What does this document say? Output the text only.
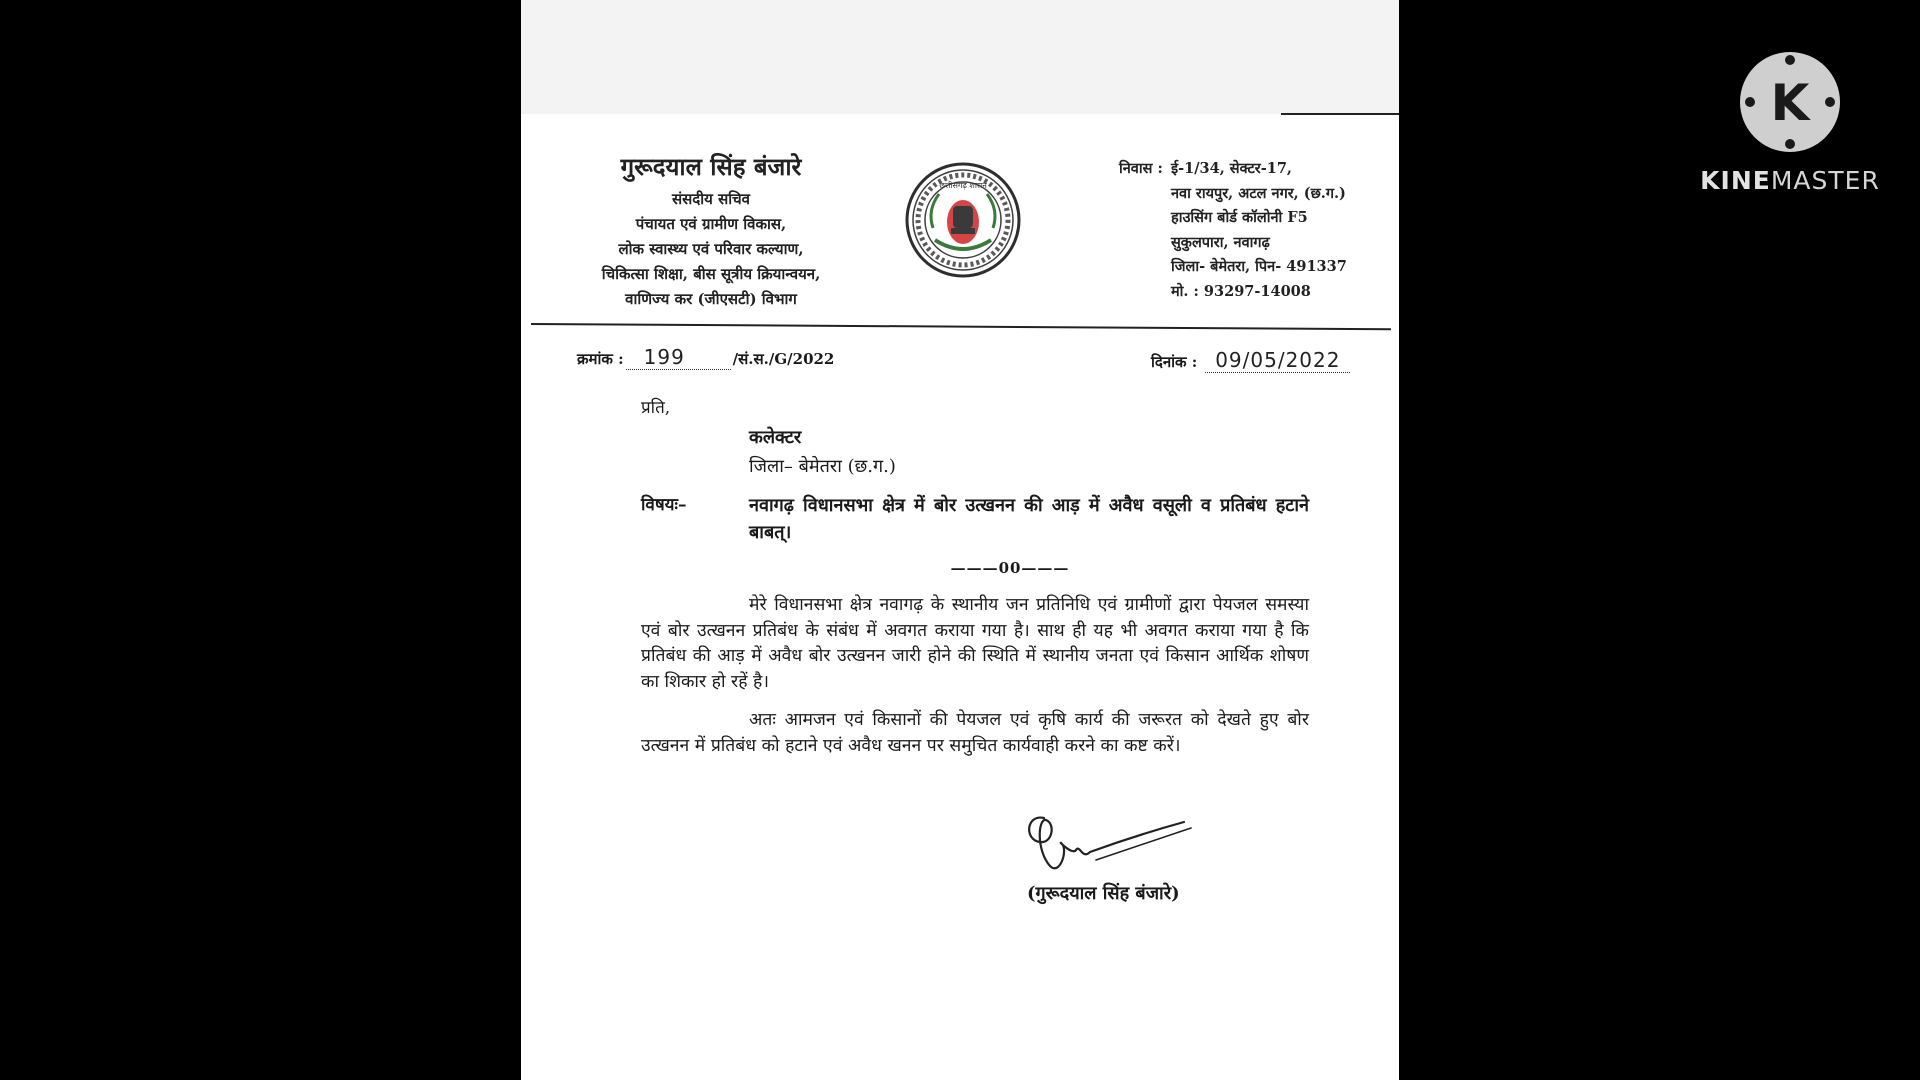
गुरूदयाल सिंह बंजारे
संसदीय सचिव
पंचायत एवं ग्रामीण विकास,
लोक स्वास्थ्य एवं परिवार कल्याण,
चिकित्सा शिक्षा, बीस सूत्रीय क्रियान्वयन,
वाणिज्य कर (जीएसटी) विभाग
छत्तीसगढ़ शासन
निवास : ई-1/34, सेक्टर-17,
नवा रायपुर, अटल नगर, (छ.ग.)
हाउसिंग बोर्ड कॉलोनी F5
सुकुलपारा, नवागढ़
जिला- बेमेतरा, पिन- 491337
मो. : 93297-14008
क्रमांक :	199	/सं.स./G/2022	दिनांक : 09/05/2022
प्रति,
कलेक्टर
जिला– बेमेतरा (छ.ग.)
विषयः–	नवागढ़ विधानसभा क्षेत्र में बोर उत्खनन की आड़ में अवैध वसूली व प्रतिबंध हटाने बाबत्।
———00———
मेरे विधानसभा क्षेत्र नवागढ़ के स्थानीय जन प्रतिनिधि एवं ग्रामीणों द्वारा पेयजल समस्या एवं बोर उत्खनन प्रतिबंध के संबंध में अवगत कराया गया है। साथ ही यह भी अवगत कराया गया है कि प्रतिबंध की आड़ में अवैध बोर उत्खनन जारी होने की स्थिति में स्थानीय जनता एवं किसान आर्थिक शोषण का शिकार हो रहें है।
अतः आमजन एवं किसानों की पेयजल एवं कृषि कार्य की जरूरत को देखते हुए बोर उत्खनन में प्रतिबंध को हटाने एवं अवैध खनन पर समुचित कार्यवाही करने का कष्ट करें।
(गुरूदयाल सिंह बंजारे)
K
KINEMASTER
